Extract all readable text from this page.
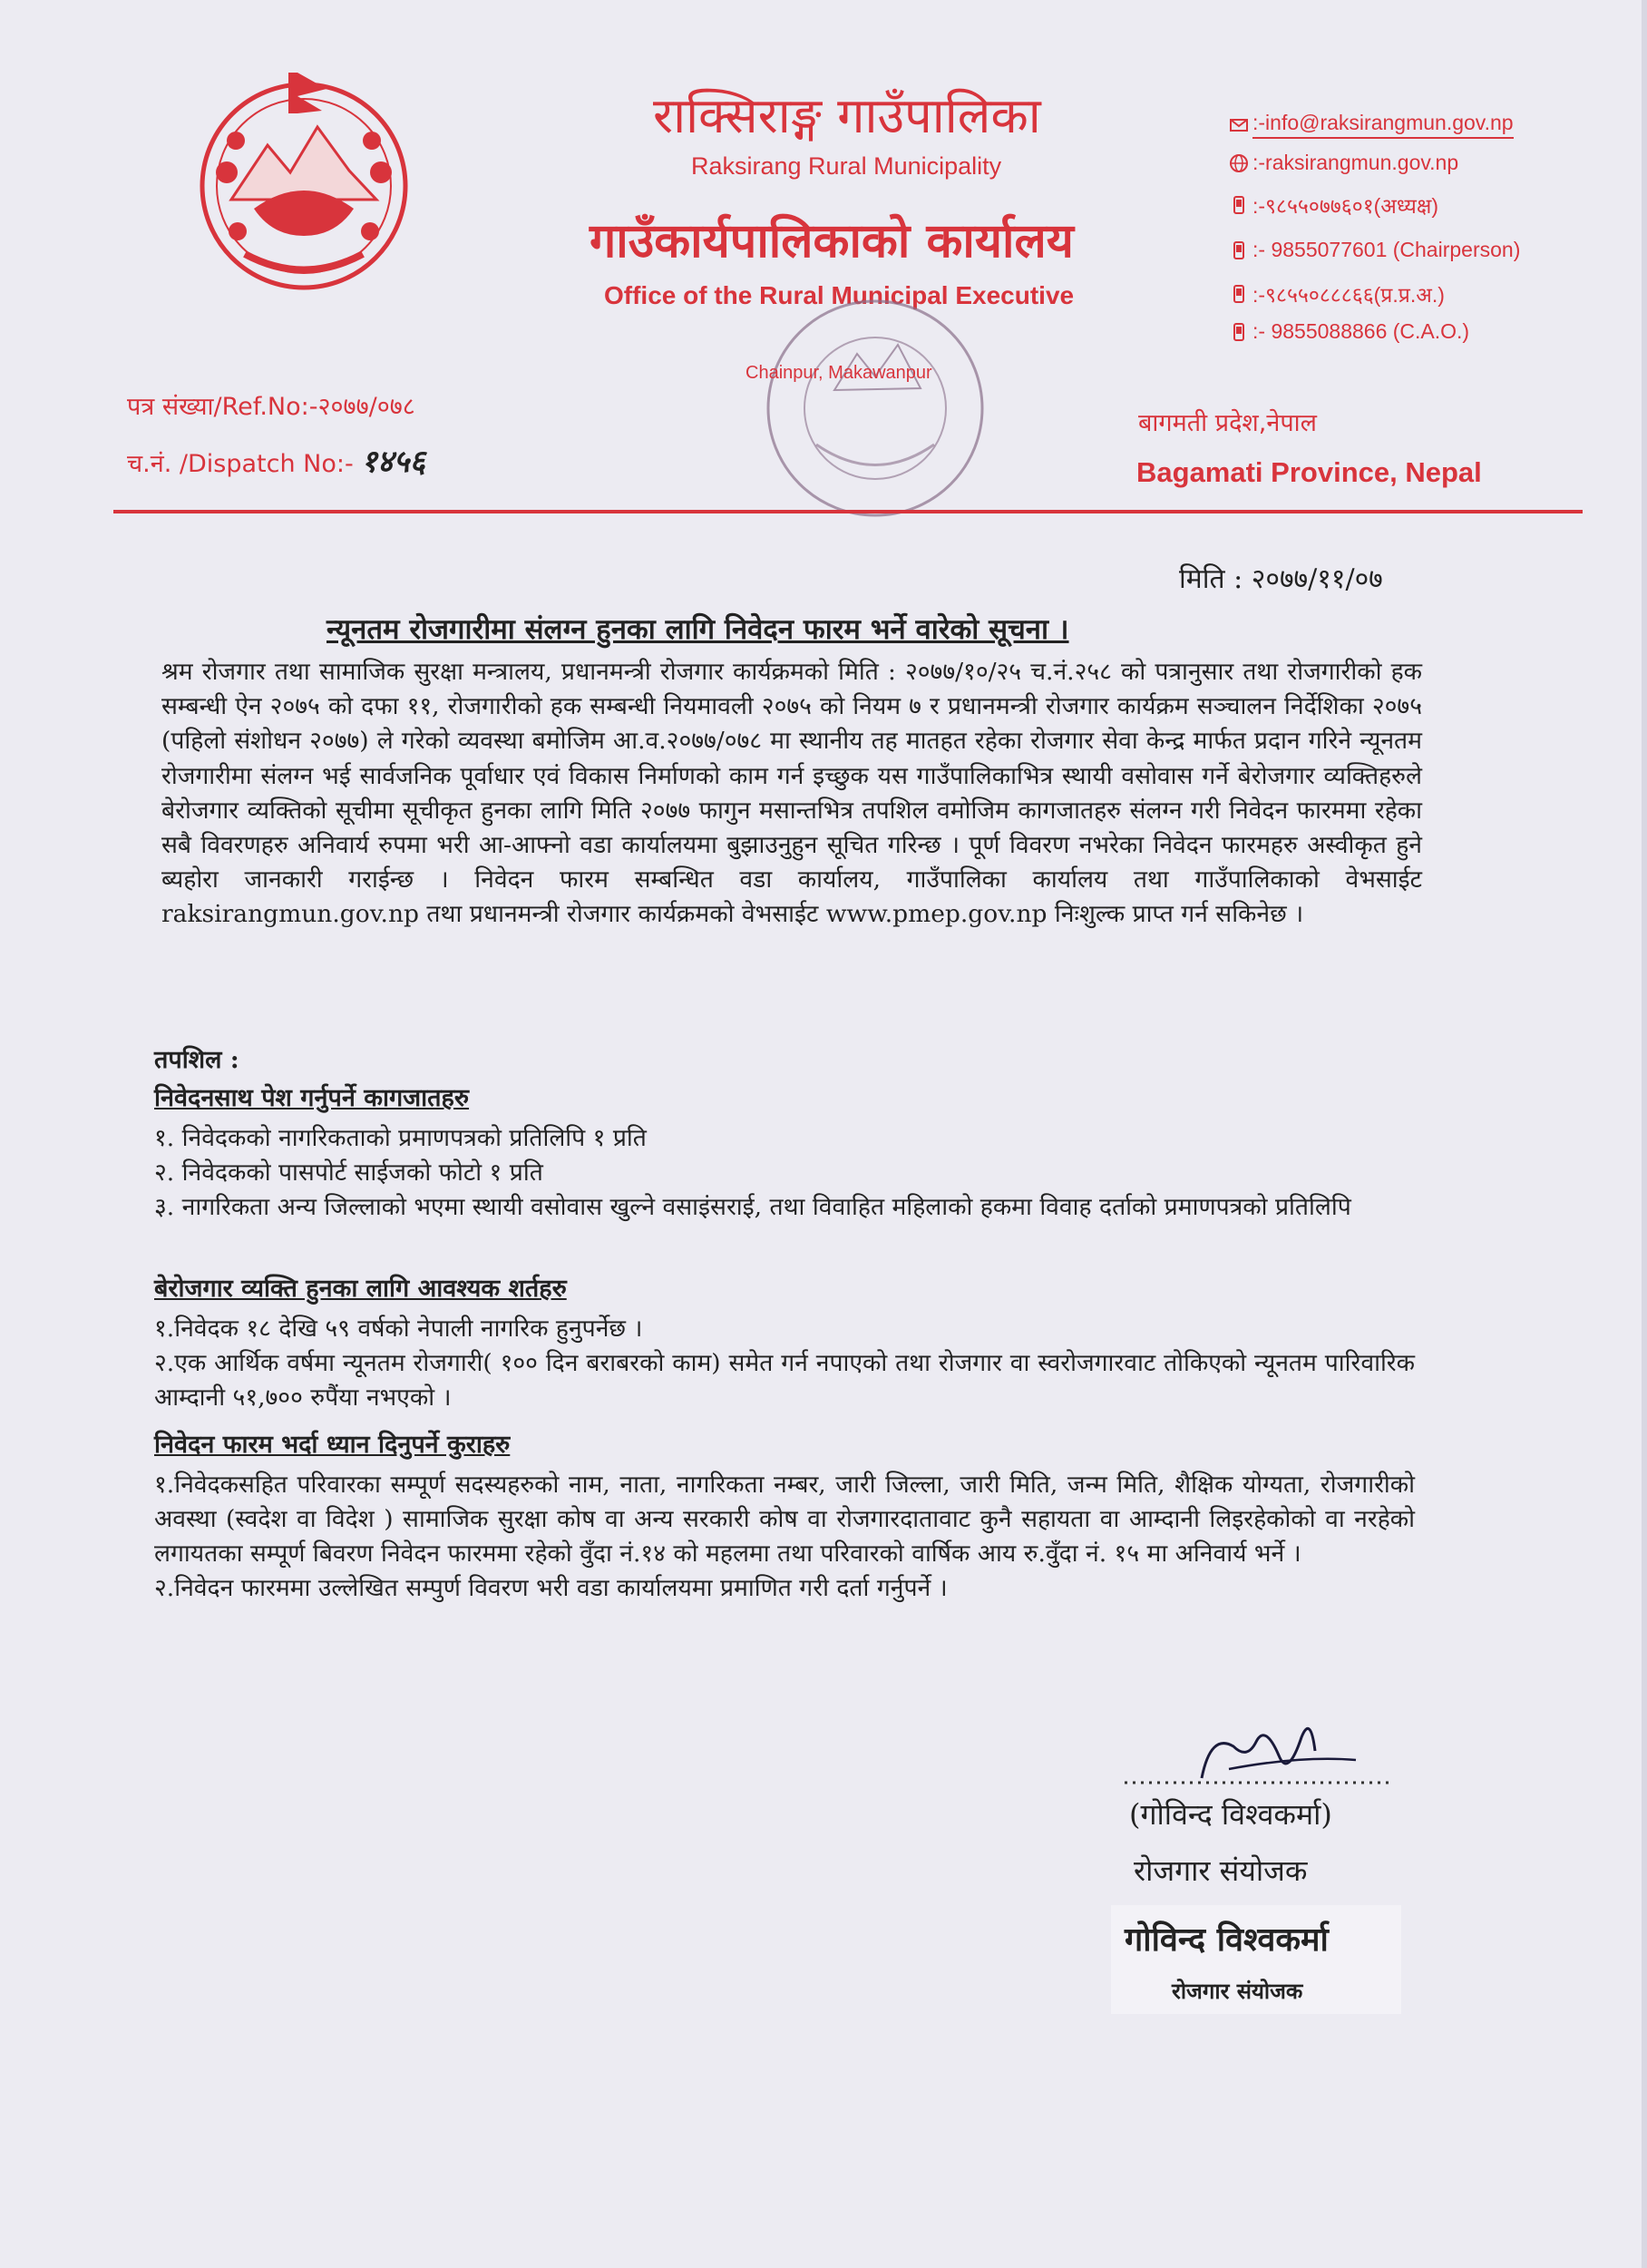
राक्सिराङ्ग गाउँपालिका
Raksirang Rural Municipality
गाउँकार्यपालिकाको कार्यालय
Office of the Rural Municipal Executive
:-info@raksirangmun.gov.np
:-raksirangmun.gov.np
:-९८५५०७७६०१(अध्यक्ष)
:- 9855077601 (Chairperson)
:-९८५५०८८८६६(प्र.प्र.अ.)
:- 9855088866 (C.A.O.)
Chainpur, Makawanpur
पत्र संख्या/Ref.No:-२०७७/०७८
च.नं. /Dispatch No:- १४५६
बागमती प्रदेश,नेपाल
Bagamati Province, Nepal
मिति : २०७७/११/०७
न्यूनतम रोजगारीमा संलग्न हुनका लागि निवेदन फारम भर्ने वारेको सूचना ।

श्रम रोजगार तथा सामाजिक सुरक्षा मन्त्रालय, प्रधानमन्त्री रोजगार कार्यक्रमको मिति : २०७७/१०/२५ च.नं.२५८ को पत्रानुसार तथा रोजगारीको हक सम्बन्धी ऐन २०७५ को दफा ११, रोजगारीको हक सम्बन्धी नियमावली २०७५ को नियम ७ र प्रधानमन्त्री रोजगार कार्यक्रम सञ्चालन निर्देशिका २०७५ (पहिलो संशोधन २०७७) ले गरेको व्यवस्था बमोजिम आ.व.२०७७/०७८ मा स्थानीय तह मातहत रहेका रोजगार सेवा केन्द्र मार्फत प्रदान गरिने न्यूनतम रोजगारीमा संलग्न भई सार्वजनिक पूर्वाधार एवं विकास निर्माणको काम गर्न इच्छुक यस गाउँपालिकाभित्र स्थायी वसोवास गर्ने बेरोजगार व्यक्तिहरुले बेरोजगार व्यक्तिको सूचीमा सूचीकृत हुनका लागि मिति २०७७ फागुन मसान्तभित्र तपशिल वमोजिम कागजातहरु संलग्न गरी निवेदन फारममा रहेका सबै विवरणहरु अनिवार्य रुपमा भरी आ-आफ्नो वडा कार्यालयमा बुझाउनुहुन सूचित गरिन्छ । पूर्ण विवरण नभरेका निवेदन फारमहरु अस्वीकृत हुने ब्यहोरा जानकारी गराईन्छ । निवेदन फारम सम्बन्धित वडा कार्यालय, गाउँपालिका कार्यालय तथा गाउँपालिकाको वेभसाईट raksirangmun.gov.np तथा प्रधानमन्त्री रोजगार कार्यक्रमको वेभसाईट www.pmep.gov.np निःशुल्क प्राप्त गर्न सकिनेछ ।

तपशिल :
निवेदनसाथ पेश गर्नुपर्ने कागजातहरु
१. निवेदकको नागरिकताको प्रमाणपत्रको प्रतिलिपि १ प्रति
२. निवेदकको पासपोर्ट साईजको फोटो १ प्रति
३. नागरिकता अन्य जिल्लाको भएमा स्थायी वसोवास खुल्ने वसाइंसराई, तथा विवाहित महिलाको हकमा विवाह दर्ताको प्रमाणपत्रको प्रतिलिपि
बेरोजगार व्यक्ति हुनका लागि आवश्यक शर्तहरु
१.निवेदक १८ देखि ५९ वर्षको नेपाली नागरिक हुनुपर्नेछ ।
२.एक आर्थिक वर्षमा न्यूनतम रोजगारी( १०० दिन बराबरको काम) समेत गर्न नपाएको तथा रोजगार वा स्वरोजगारवाट तोकिएको न्यूनतम पारिवारिक आम्दानी ५१,७०० रुपैंया नभएको ।
निवेदन फारम भर्दा ध्यान दिनुपर्ने कुराहरु
१.निवेदकसहित परिवारका सम्पूर्ण सदस्यहरुको नाम, नाता, नागरिकता नम्बर, जारी जिल्ला, जारी मिति, जन्म मिति, शैक्षिक योग्यता, रोजगारीको अवस्था (स्वदेश वा विदेश ) सामाजिक सुरक्षा कोष वा अन्य सरकारी कोष वा रोजगारदातावाट कुनै सहायता वा आम्दानी लिइरहेकोको वा नरहेको लगायतका सम्पूर्ण बिवरण निवेदन फारममा रहेको वुँदा नं.१४ को महलमा तथा परिवारको वार्षिक आय रु.वुँदा नं. १५ मा अनिवार्य भर्ने ।
२.निवेदन फारममा उल्लेखित सम्पुर्ण विवरण भरी वडा कार्यालयमा प्रमाणित गरी दर्ता गर्नुपर्ने ।
(गोविन्द विश्वकर्मा)
रोजगार संयोजक
गोविन्द विश्वकर्मा
रोजगार संयोजक
